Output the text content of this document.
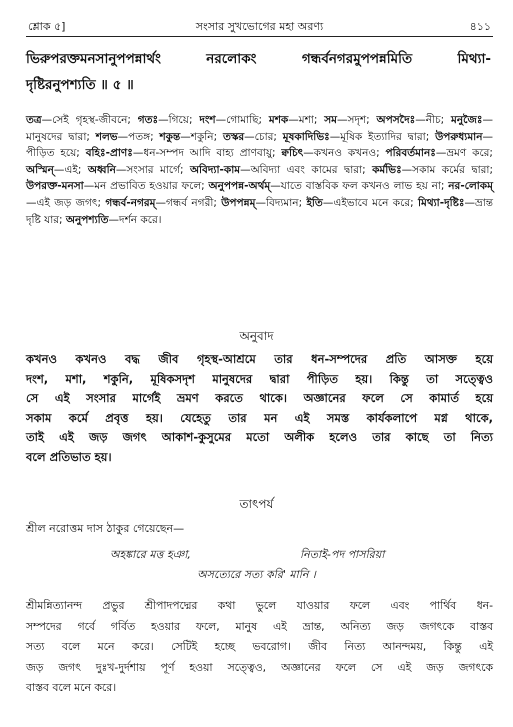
শ্লোক ৫]	সংসার সুখভোগের মহা অরণ্য	৪১১
ভিরুপরক্তমনসানুপপন্নার্থং নরলোকং গন্ধর্বনগরমুপপন্নমিতি মিথ্যা-
দৃষ্টিরনুপশ্যতি ॥ ৫ ॥
তত্র—সেই গৃহস্থ-জীবনে; গতঃ—গিয়ে; দংশ—গোমাছি; মশক—মশা; সম—সদৃশ; অপসদৈঃ—নীচ; মনুজৈঃ—মানুষদের দ্বারা; শলভ—পতঙ্গ; শকুন্ত—শকুনি; তস্কর—চোর; মূষকাদিভিঃ—মূষিক ইত্যাদির দ্বারা; উপরুধ্যমান—পীড়িত হয়ে; বহিঃ-প্রাণঃ—ধন-সম্পদ আদি বাহ্য প্রাণবায়ু; ক্বচিৎ—কখনও কখনও; পরিবর্তমানঃ—ভ্রমণ করে; অস্মিন্—এই; অধ্বনি—সংসার মার্গে; অবিদ্যা-কাম—অবিদ্যা এবং কামের দ্বারা; কর্মভিঃ—সকাম কর্মের দ্বারা; উপরক্ত-মনসা—মন প্রভাবিত হওয়ার ফলে; অনুপপন্ন-অর্থম্—যাতে বাস্তবিক ফল কখনও লাভ হয় না; নর-লোকম্—এই জড় জগৎ; গন্ধর্ব-নগরম্—গন্ধর্ব নগরী; উপপন্নম্—বিদ্যমান; ইতি—এইভাবে মনে করে; মিথ্যা-দৃষ্টিঃ—ভ্রান্ত দৃষ্টি যার; অনুপশ্যতি—দর্শন করে।
অনুবাদ
কখনও কখনও বদ্ধ জীব গৃহস্থ-আশ্রমে তার ধন-সম্পদের প্রতি আসক্ত হয়ে
দংশ, মশা, শকুনি, মূষিকসদৃশ মানুষদের দ্বারা পীড়িত হয়। কিন্তু তা সত্ত্বেও
সে এই সংসার মার্গেই ভ্রমণ করতে থাকে। অজ্ঞানের ফলে সে কামার্ত হয়ে
সকাম কর্মে প্রবৃত্ত হয়। যেহেতু তার মন এই সমস্ত কার্যকলাপে মগ্ন থাকে,
তাই এই জড় জগৎ আকাশ-কুসুমের মতো অলীক হলেও তার কাছে তা নিত্য
বলে প্রতিভাত হয়।
তাৎপর্য
শ্রীল নরোত্তম দাস ঠাকুর গেয়েছেন—
অহঙ্কারে মত্ত হঞা,	নিতাই-পদ পাসরিয়া
অসত্যেরে সত্য করি' মানি ।
শ্রীমন্নিত্যানন্দ প্রভুর শ্রীপাদপদ্মের কথা ভুলে যাওয়ার ফলে এবং পার্থিব ধন-
সম্পদের গর্বে গর্বিত হওয়ার ফলে, মানুষ এই ভ্রান্ত, অনিত্য জড় জগৎকে বাস্তব
সত্য বলে মনে করে। সেটিই হচ্ছে ভবরোগ। জীব নিত্য আনন্দময়, কিন্তু এই
জড় জগৎ দুঃখ-দুর্দশায় পূর্ণ হওয়া সত্ত্বেও, অজ্ঞানের ফলে সে এই জড় জগৎকে
বাস্তব বলে মনে করে।
